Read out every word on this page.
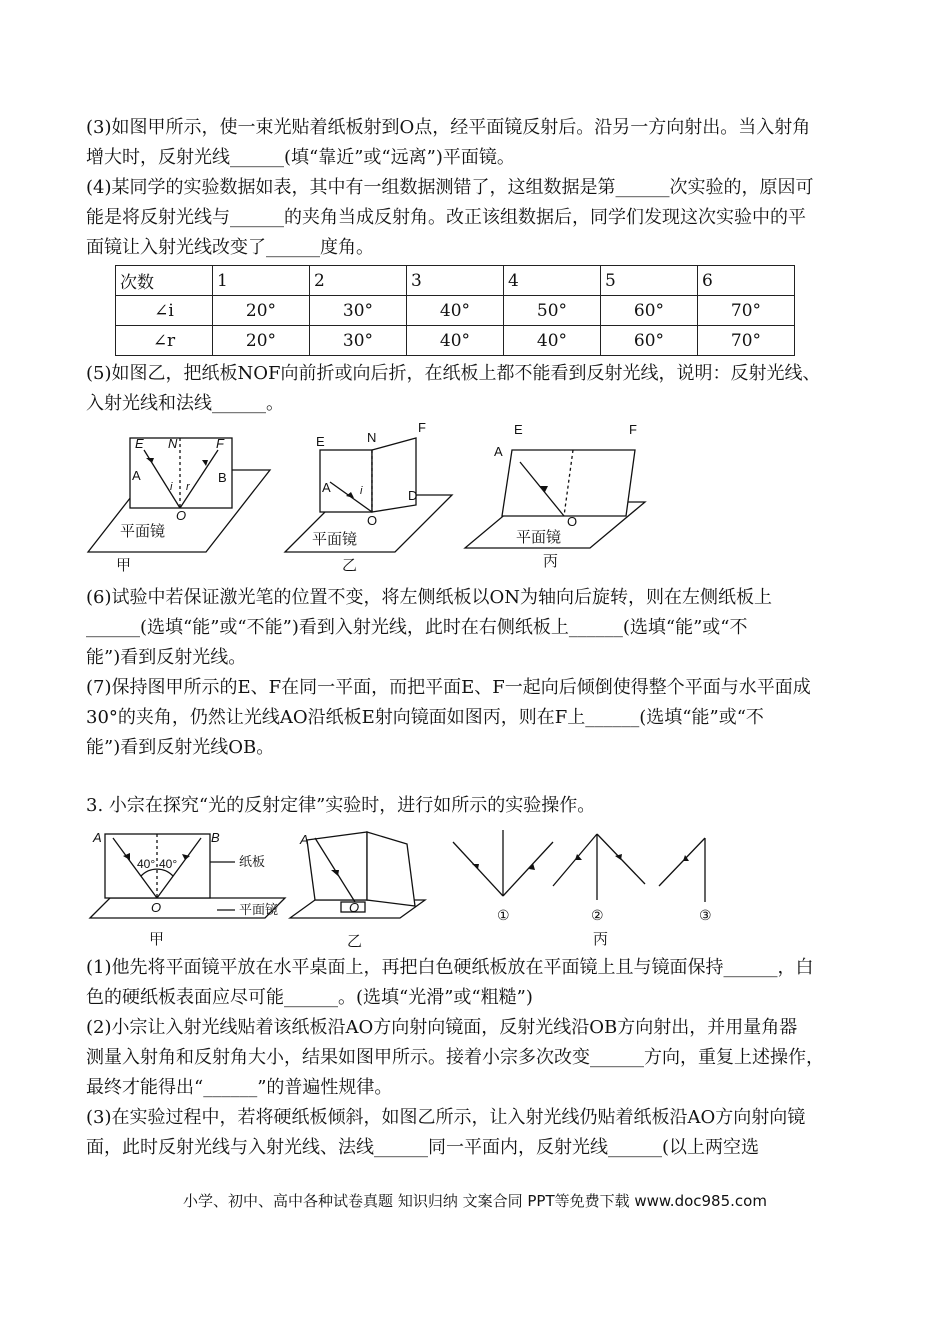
(3)如图甲所示，使一束光贴着纸板射到O点，经平面镜反射后。沿另一方向射出。当入射角
增大时，反射光线______(填“靠近”或“远离”)平面镜。
(4)某同学的实验数据如表，其中有一组数据测错了，这组数据是第______次实验的，原因可
能是将反射光线与______的夹角当成反射角。改正该组数据后，同学们发现这次实验中的平
面镜让入射光线改变了______度角。
次数	1	2	3	4	5	6
∠i	20°	30°	40°	50°	60°	70°
∠r	20°	30°	40°	40°	60°	70°
(5)如图乙，把纸板NOF向前折或向后折，在纸板上都不能看到反射光线，说明：反射光线、
入射光线和法线______。
E N	F
A	B
i r
O
平面镜
甲
E	N
F
A	i	D
O
平面镜
乙
E	F
A
O
平面镜
丙
(6)试验中若保证激光笔的位置不变，将左侧纸板以ON为轴向后旋转，则在左侧纸板上
______(选填“能”或“不能”)看到入射光线，此时在右侧纸板上______(选填“能”或“不
能”)看到反射光线。
(7)保持图甲所示的E、F在同一平面，而把平面E、F一起向后倾倒使得整个平面与水平面成
30°的夹角，仍然让光线AO沿纸板E射向镜面如图丙，则在F上______(选填“能”或“不
能”)看到反射光线OB。
3. 小宗在探究“光的反射定律”实验时，进行如所示的实验操作。
A	B
40° 40°
O
纸板
平面镜
甲
A
O
乙
①	②	③
丙
(1)他先将平面镜平放在水平桌面上，再把白色硬纸板放在平面镜上且与镜面保持______，白
色的硬纸板表面应尽可能______。(选填“光滑”或“粗糙”)
(2)小宗让入射光线贴着该纸板沿AO方向射向镜面，反射光线沿OB方向射出，并用量角器
测量入射角和反射角大小，结果如图甲所示。接着小宗多次改变______方向，重复上述操作，
最终才能得出“______”的普遍性规律。
(3)在实验过程中，若将硬纸板倾斜，如图乙所示，让入射光线仍贴着纸板沿AO方向射向镜
面，此时反射光线与入射光线、法线______同一平面内，反射光线______(以上两空选
小学、初中、高中各种试卷真题 知识归纳 文案合同 PPT等免费下载 www.doc985.com
